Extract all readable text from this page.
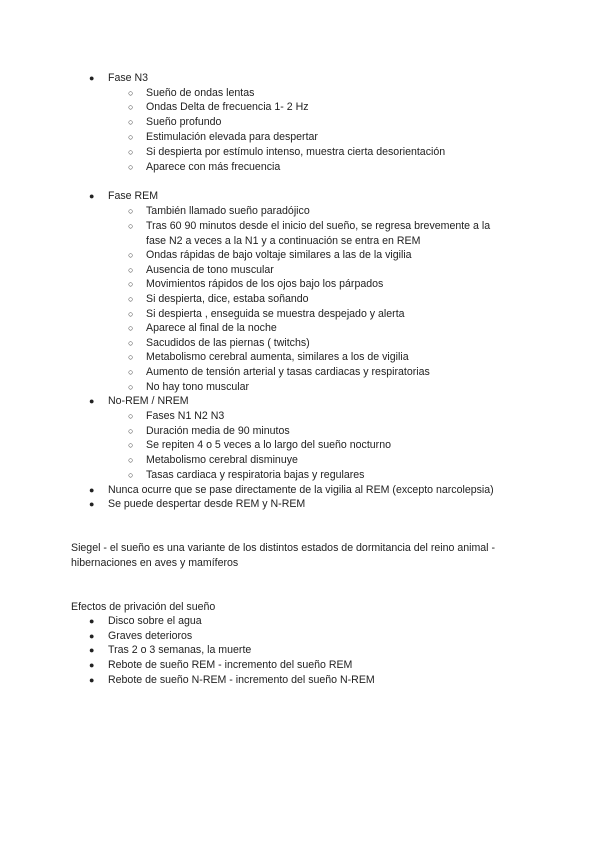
● Fase N3
○ Sueño de ondas lentas
○ Ondas Delta de frecuencia 1- 2 Hz
○ Sueño profundo
○ Estimulación elevada para despertar
○ Si despierta por estímulo intenso, muestra cierta desorientación
○ Aparece con más frecuencia
● Fase REM
○ También llamado sueño paradójico
○ Tras 60 90 minutos desde el inicio del sueño, se regresa brevemente a la
fase N2 a veces a la N1 y a continuación se entra en REM
○ Ondas rápidas de bajo voltaje similares a las de la vigilia
○ Ausencia de tono muscular
○ Movimientos rápidos de los ojos bajo los párpados
○ Si despierta, dice, estaba soñando
○ Si despierta , enseguida se muestra despejado y alerta
○ Aparece al final de la noche
○ Sacudidos de las piernas ( twitchs)
○ Metabolismo cerebral aumenta, similares a los de vigilia
○ Aumento de tensión arterial y tasas cardiacas y respiratorias
○ No hay tono muscular
● No-REM / NREM
○ Fases N1 N2 N3
○ Duración media de 90 minutos
○ Se repiten 4 o 5 veces a lo largo del sueño nocturno
○ Metabolismo cerebral disminuye
○ Tasas cardiaca y respiratoria bajas y regulares
● Nunca ocurre que se pase directamente de la vigilia al REM (excepto narcolepsia)
● Se puede despertar desde REM y N-REM
Siegel - el sueño es una variante de los distintos estados de dormitancia del reino animal -
hibernaciones en aves y mamíferos
Efectos de privación del sueño
● Disco sobre el agua
● Graves deterioros
● Tras 2 o 3 semanas, la muerte
● Rebote de sueño REM - incremento del sueño REM
● Rebote de sueño N-REM - incremento del sueño N-REM
